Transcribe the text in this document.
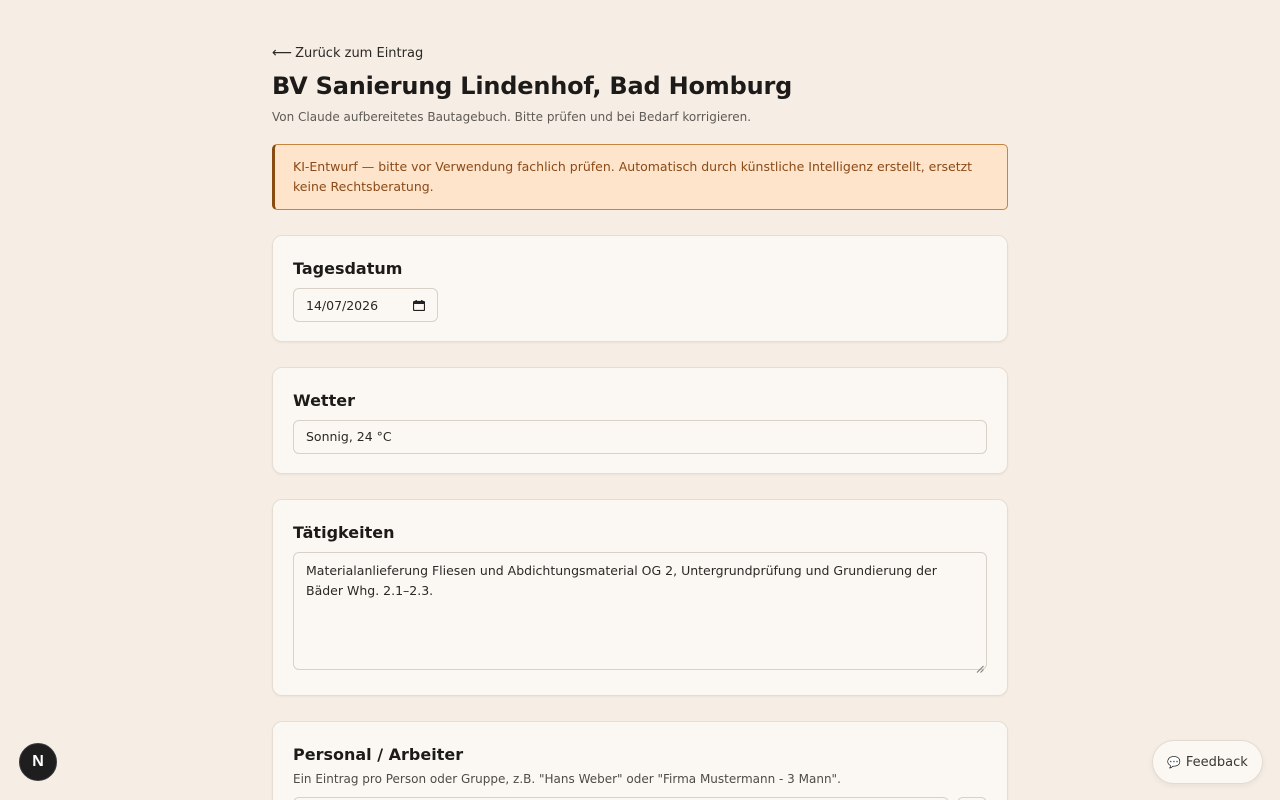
⟵ Zurück zum Eintrag
BV Sanierung Lindenhof, Bad Homburg
Von Claude aufbereitetes Bautagebuch. Bitte prüfen und bei Bedarf korrigieren.
KI-Entwurf — bitte vor Verwendung fachlich prüfen. Automatisch durch künstliche Intelligenz erstellt, ersetzt keine Rechtsberatung.
Tagesdatum
14/07/2026
Wetter
Sonnig, 24 °C
Tätigkeiten
Materialanlieferung Fliesen und Abdichtungsmaterial OG 2, Untergrundprüfung und Grundierung der Bäder Whg. 2.1–2.3.
Personal / Arbeiter
Ein Eintrag pro Person oder Gruppe, z.B. "Hans Weber" oder "Firma Mustermann - 3 Mann".
N	💬 Feedback
